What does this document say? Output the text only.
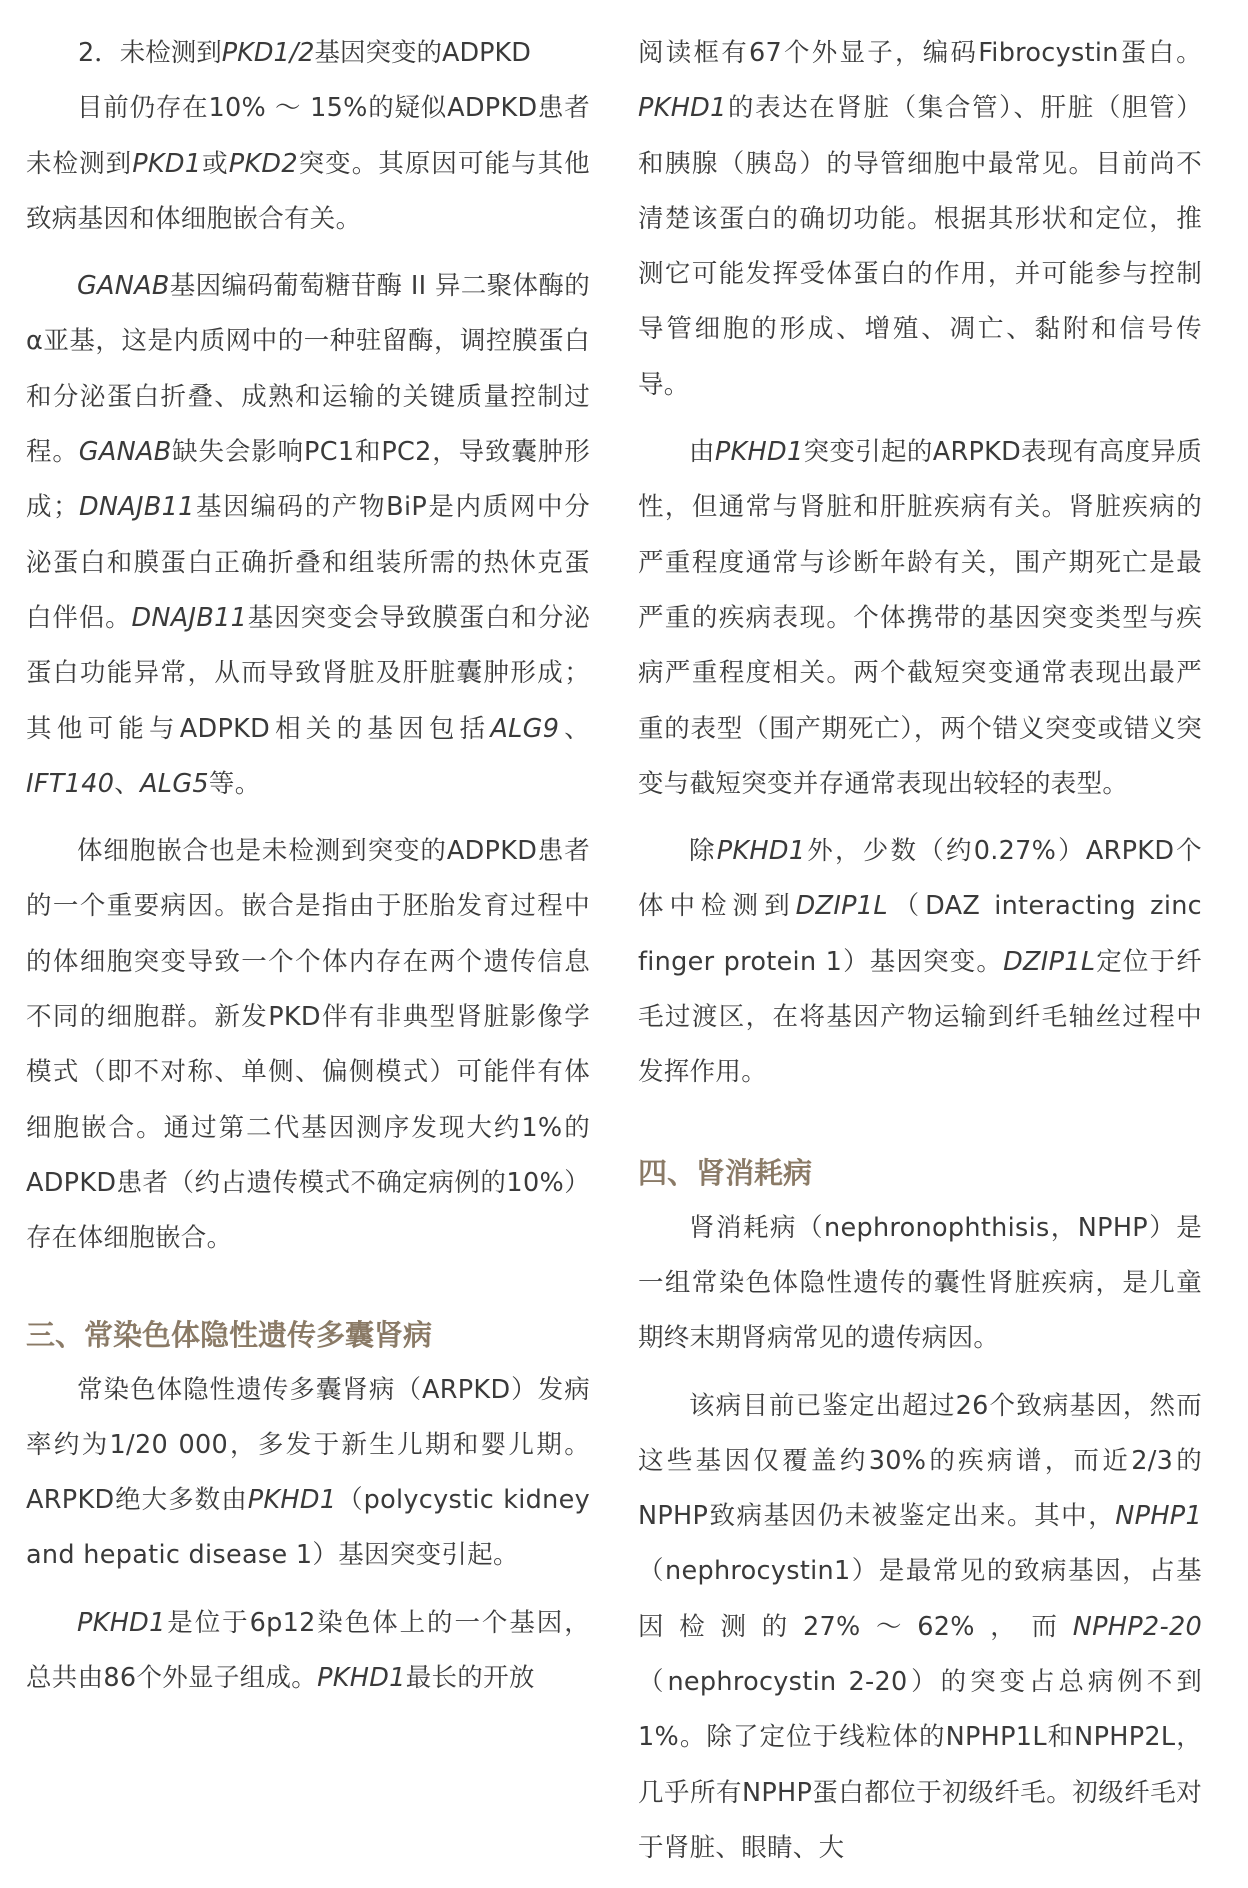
2．未检测到PKD1/2基因突变的ADPKD

目前仍存在10% ～ 15%的疑似ADPKD患者未检测到PKD1或PKD2突变。其原因可能与其他致病基因和体细胞嵌合有关。

GANAB基因编码葡萄糖苷酶 II 异二聚体酶的α亚基，这是内质网中的一种驻留酶，调控膜蛋白和分泌蛋白折叠、成熟和运输的关键质量控制过程。GANAB缺失会影响PC1和PC2，导致囊肿形成；DNAJB11基因编码的产物BiP是内质网中分泌蛋白和膜蛋白正确折叠和组装所需的热休克蛋白伴侣。DNAJB11基因突变会导致膜蛋白和分泌蛋白功能异常，从而导致肾脏及肝脏囊肿形成；其他可能与ADPKD相关的基因包括ALG9、IFT140、ALG5等。

体细胞嵌合也是未检测到突变的ADPKD患者的一个重要病因。嵌合是指由于胚胎发育过程中的体细胞突变导致一个个体内存在两个遗传信息不同的细胞群。新发PKD伴有非典型肾脏影像学模式（即不对称、单侧、偏侧模式）可能伴有体细胞嵌合。通过第二代基因测序发现大约1%的ADPKD患者（约占遗传模式不确定病例的10%）存在体细胞嵌合。

三、常染色体隐性遗传多囊肾病

常染色体隐性遗传多囊肾病（ARPKD）发病率约为1/20 000，多发于新生儿期和婴儿期。ARPKD绝大多数由PKHD1（polycystic kidney and hepatic disease 1）基因突变引起。

PKHD1是位于6p12染色体上的一个基因，总共由86个外显子组成。PKHD1最长的开放

阅读框有67个外显子，编码Fibrocystin蛋白。PKHD1的表达在肾脏（集合管）、肝脏（胆管）和胰腺（胰岛）的导管细胞中最常见。目前尚不清楚该蛋白的确切功能。根据其形状和定位，推测它可能发挥受体蛋白的作用，并可能参与控制导管细胞的形成、增殖、凋亡、黏附和信号传导。

由PKHD1突变引起的ARPKD表现有高度异质性，但通常与肾脏和肝脏疾病有关。肾脏疾病的严重程度通常与诊断年龄有关，围产期死亡是最严重的疾病表现。个体携带的基因突变类型与疾病严重程度相关。两个截短突变通常表现出最严重的表型（围产期死亡），两个错义突变或错义突变与截短突变并存通常表现出较轻的表型。

除PKHD1外，少数（约0.27%）ARPKD个体中检测到DZIP1L（DAZ interacting zinc finger protein 1）基因突变。DZIP1L定位于纤毛过渡区，在将基因产物运输到纤毛轴丝过程中发挥作用。

四、肾消耗病

肾消耗病（nephronophthisis，NPHP）是一组常染色体隐性遗传的囊性肾脏疾病，是儿童期终末期肾病常见的遗传病因。

该病目前已鉴定出超过26个致病基因，然而这些基因仅覆盖约30%的疾病谱，而近2/3的NPHP致病基因仍未被鉴定出来。其中，NPHP1（nephrocystin1）是最常见的致病基因，占基因检测的27%～62%，而NPHP2-20（nephrocystin 2-20）的突变占总病例不到1%。除了定位于线粒体的NPHP1L和NPHP2L，几乎所有NPHP蛋白都位于初级纤毛。初级纤毛对于肾脏、眼睛、大
